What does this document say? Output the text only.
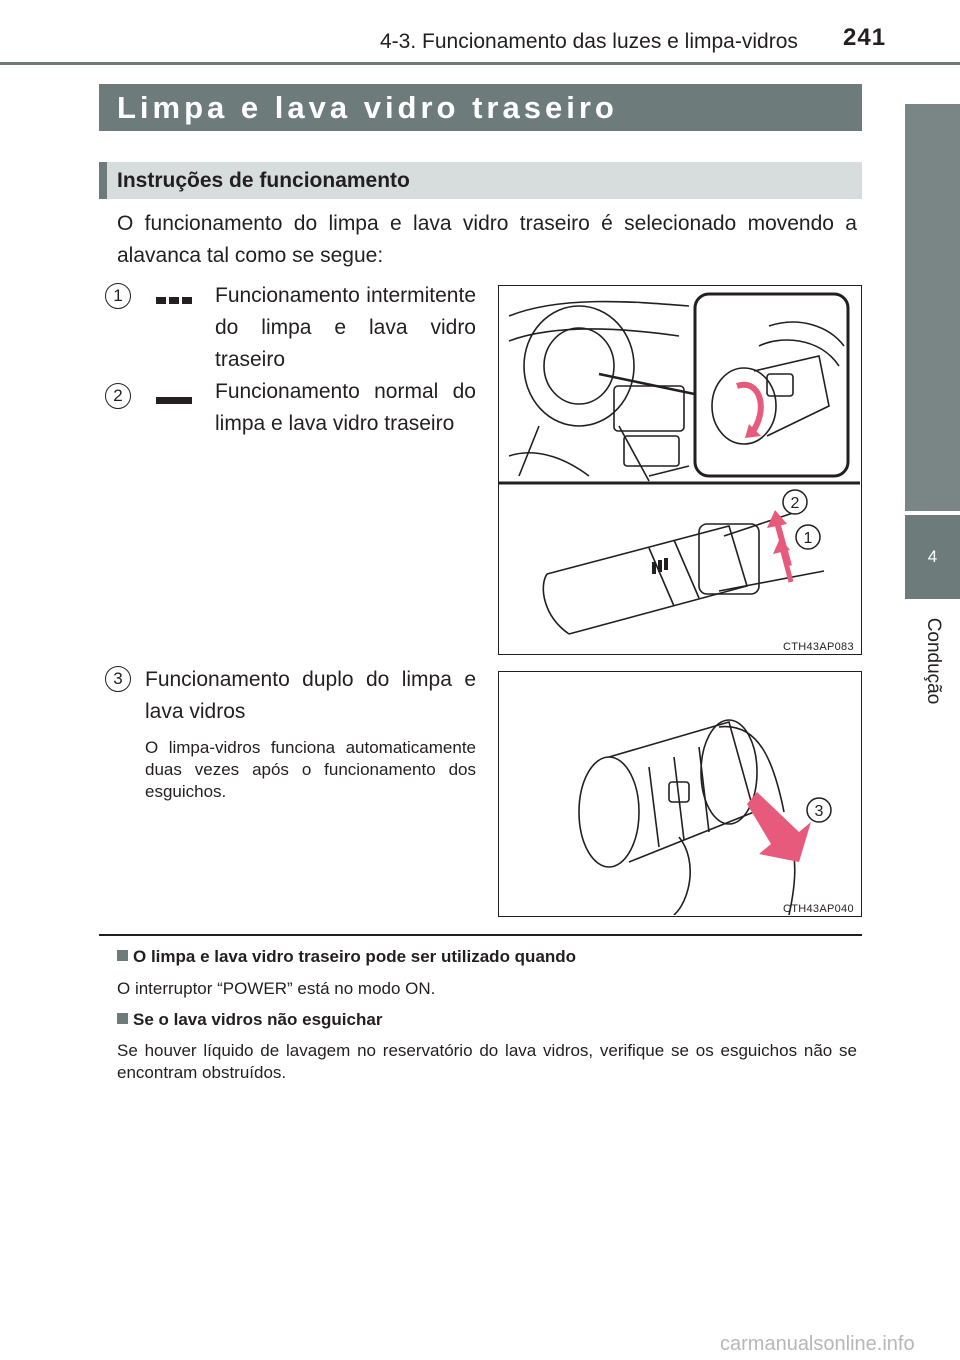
4-3. Funcionamento das luzes e limpa-vidros 241
4
Condução
Limpa e lava vidro traseiro
Instruções de funcionamento
O funcionamento do limpa e lava vidro traseiro é selecionado movendo a alavanca tal como se segue:
1	Funcionamento intermitente do limpa e lava vidro traseiro
2	Funcionamento normal do limpa e lava vidro traseiro
3	Funcionamento duplo do limpa e lava vidros
O limpa-vidros funciona automaticamente duas vezes após o funcionamento dos esguichos.
2
1
CTH43AP083
3
CTH43AP040
O limpa e lava vidro traseiro pode ser utilizado quando
O interruptor “POWER” está no modo ON.
Se o lava vidros não esguichar
Se houver líquido de lavagem no reservatório do lava vidros, verifique se os esguichos não se encontram obstruídos.
carmanualsonline.info
